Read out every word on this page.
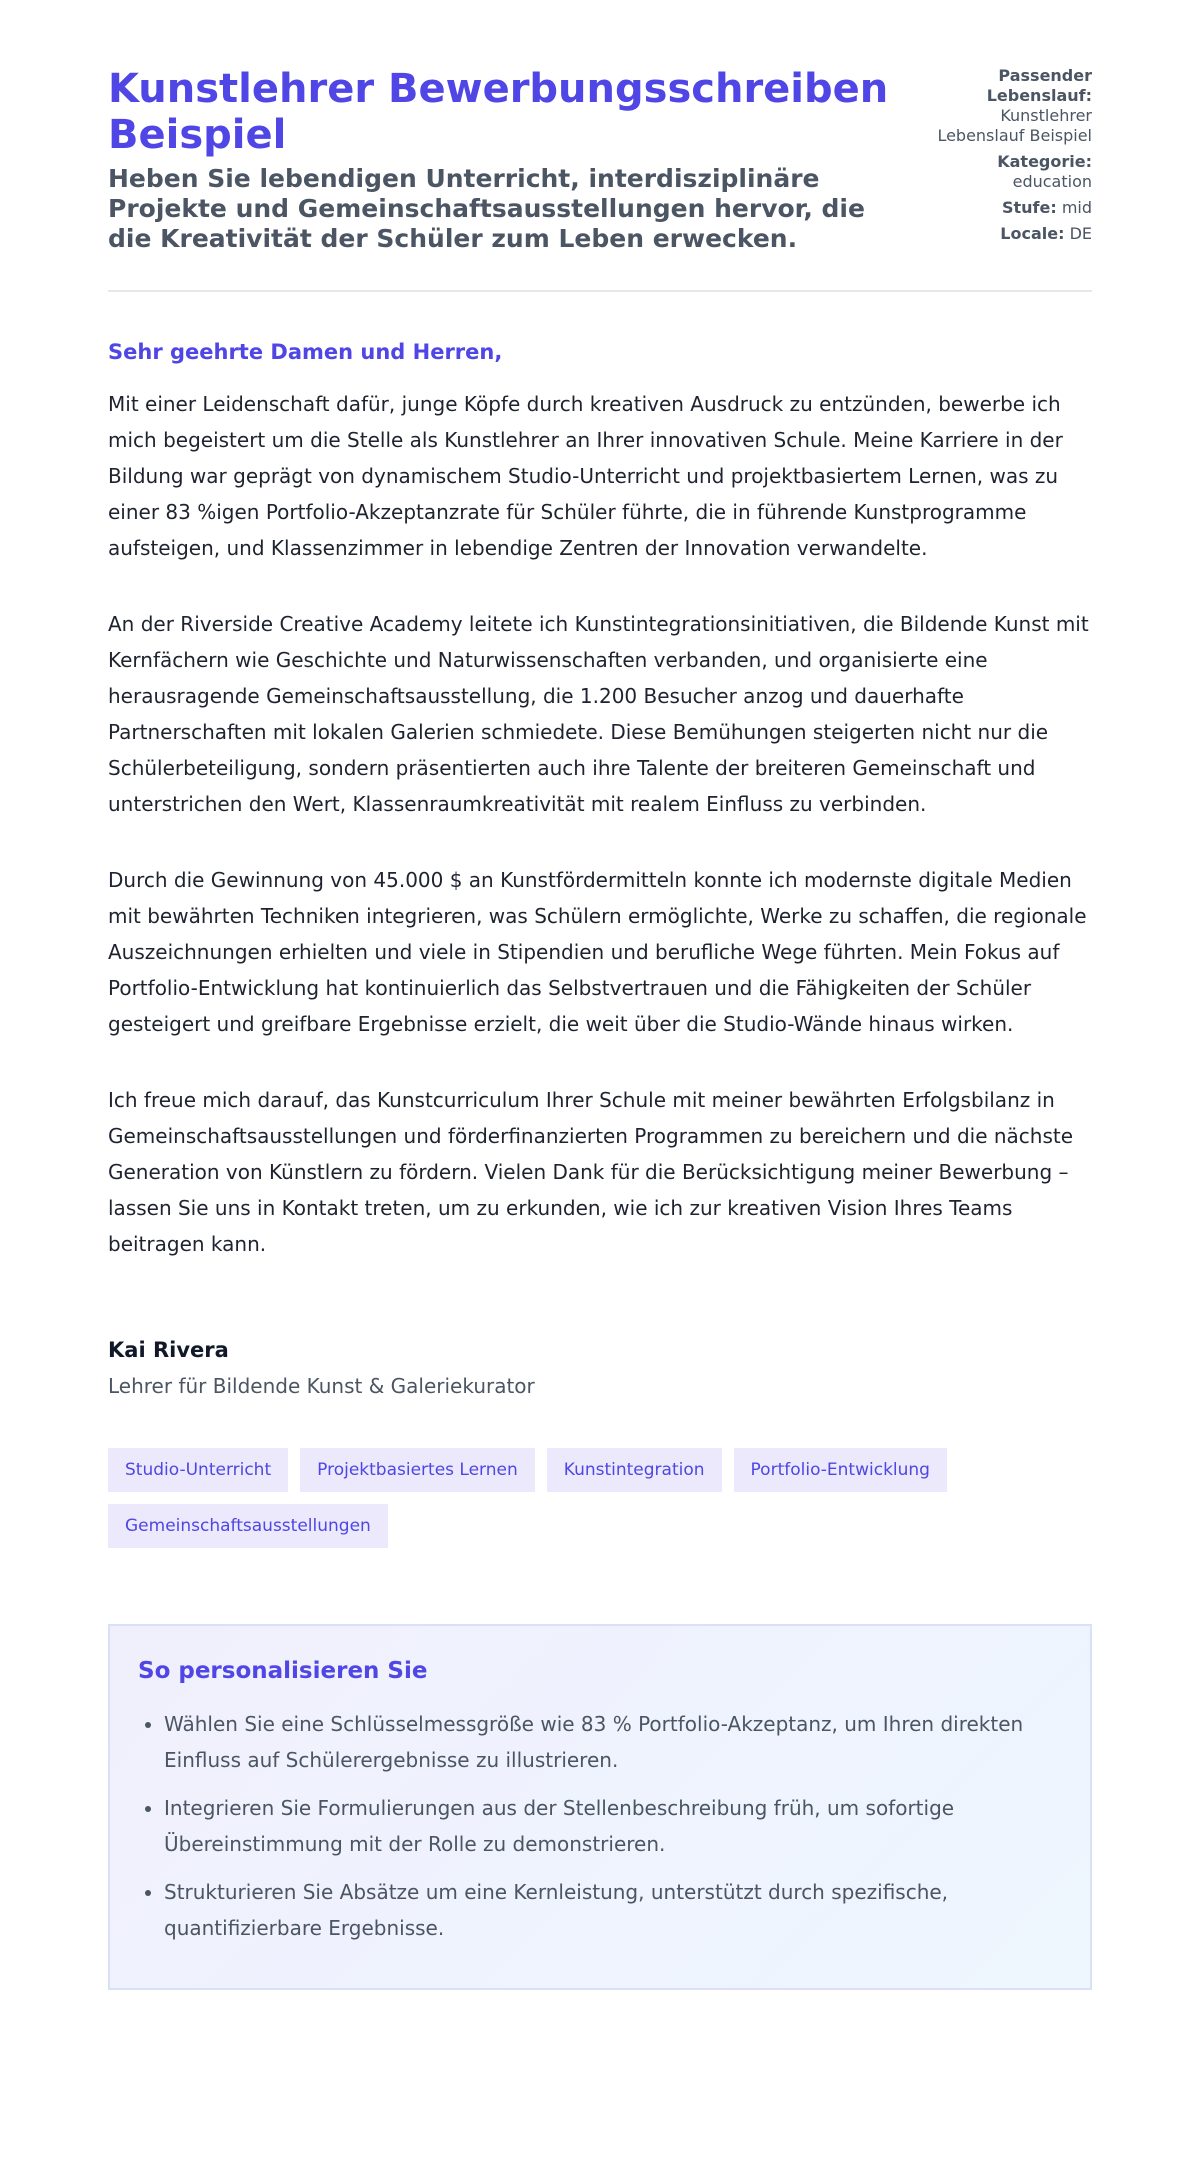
Kunstlehrer Bewerbungsschreiben Beispiel
Heben Sie lebendigen Unterricht, interdisziplinäre Projekte und Gemeinschaftsausstellungen hervor, die die Kreativität der Schüler zum Leben erwecken.
Passender Lebenslauf:
Kunstlehrer Lebenslauf Beispiel
Kategorie:
education
Stufe: mid
Locale: DE
Sehr geehrte Damen und Herren,

Mit einer Leidenschaft dafür, junge Köpfe durch kreativen Ausdruck zu entzünden, bewerbe ich mich begeistert um die Stelle als Kunstlehrer an Ihrer innovativen Schule. Meine Karriere in der Bildung war geprägt von dynamischem Studio-Unterricht und projektbasiertem Lernen, was zu einer 83 %igen Portfolio-Akzeptanzrate für Schüler führte, die in führende Kunstprogramme aufsteigen, und Klassenzimmer in lebendige Zentren der Innovation verwandelte.

An der Riverside Creative Academy leitete ich Kunstintegrationsinitiativen, die Bildende Kunst mit Kernfächern wie Geschichte und Naturwissenschaften verbanden, und organisierte eine herausragende Gemeinschaftsausstellung, die 1.200 Besucher anzog und dauerhafte Partnerschaften mit lokalen Galerien schmiedete. Diese Bemühungen steigerten nicht nur die Schülerbeteiligung, sondern präsentierten auch ihre Talente der breiteren Gemeinschaft und unterstrichen den Wert, Klassenraumkreativität mit realem Einfluss zu verbinden.

Durch die Gewinnung von 45.000 $ an Kunstfördermitteln konnte ich modernste digitale Medien mit bewährten Techniken integrieren, was Schülern ermöglichte, Werke zu schaffen, die regionale Auszeichnungen erhielten und viele in Stipendien und berufliche Wege führten. Mein Fokus auf Portfolio-Entwicklung hat kontinuierlich das Selbstvertrauen und die Fähigkeiten der Schüler gesteigert und greifbare Ergebnisse erzielt, die weit über die Studio-Wände hinaus wirken.

Ich freue mich darauf, das Kunstcurriculum Ihrer Schule mit meiner bewährten Erfolgsbilanz in Gemeinschaftsausstellungen und förderfinanzierten Programmen zu bereichern und die nächste Generation von Künstlern zu fördern. Vielen Dank für die Berücksichtigung meiner Bewerbung – lassen Sie uns in Kontakt treten, um zu erkunden, wie ich zur kreativen Vision Ihres Teams beitragen kann.

Kai Rivera
Lehrer für Bildende Kunst & Galeriekurator
Studio-Unterricht	Projektbasiertes Lernen	Kunstintegration	Portfolio-Entwicklung
Gemeinschaftsausstellungen
So personalisieren Sie
• Wählen Sie eine Schlüsselmessgröße wie 83 % Portfolio-Akzeptanz, um Ihren direkten Einfluss auf Schülerergebnisse zu illustrieren.
• Integrieren Sie Formulierungen aus der Stellenbeschreibung früh, um sofortige Übereinstimmung mit der Rolle zu demonstrieren.
• Strukturieren Sie Absätze um eine Kernleistung, unterstützt durch spezifische, quantifizierbare Ergebnisse.
